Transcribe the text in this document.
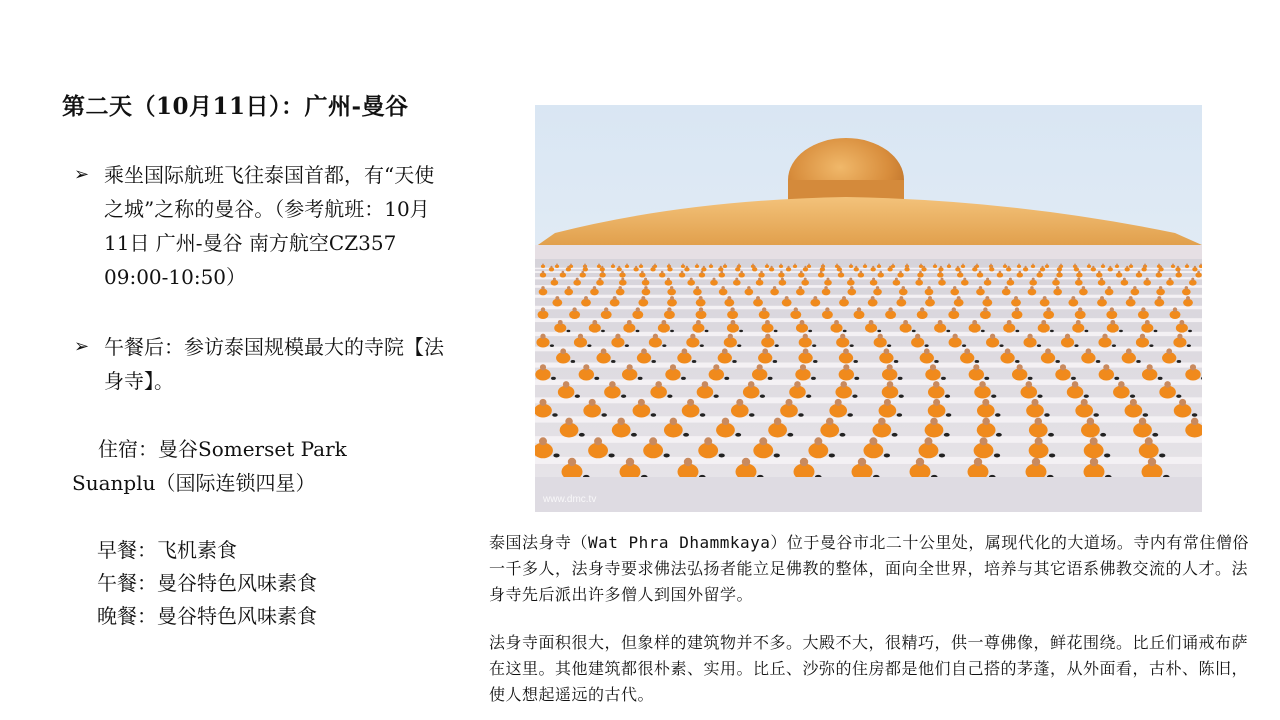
第二天（10月11日）：广州-曼谷
➢ 乘坐国际航班飞往泰国首都，有“天使之城”之称的曼谷。（参考航班：10月11日 广州-曼谷 南方航空CZ357 09:00-10:50）
➢ 午餐后：参访泰国规模最大的寺院【法身寺】。
住宿：曼谷Somerset Park
Suanplu（国际连锁四星）
早餐：飞机素食
午餐：曼谷特色风味素食
晚餐：曼谷特色风味素食
www.dmc.tv
泰国法身寺（Wat Phra Dhammkaya）位于曼谷市北二十公里处，属现代化的大道场。寺内有常住僧俗一千多人，法身寺要求佛法弘扬者能立足佛教的整体，面向全世界，培养与其它语系佛教交流的人才。法身寺先后派出许多僧人到国外留学。
法身寺面积很大，但象样的建筑物并不多。大殿不大，很精巧，供一尊佛像，鲜花围绕。比丘们诵戒布萨在这里。其他建筑都很朴素、实用。比丘、沙弥的住房都是他们自己搭的茅蓬，从外面看，古朴、陈旧，使人想起遥远的古代。
